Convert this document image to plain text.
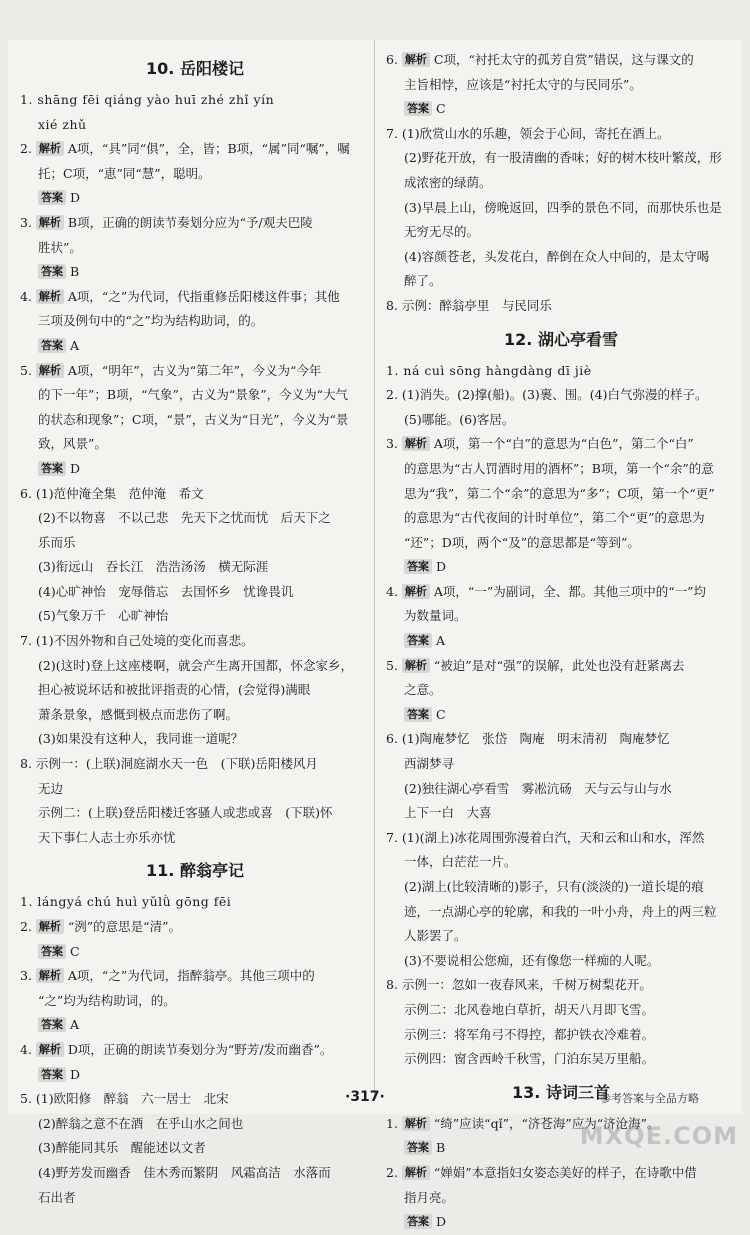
10. 岳阳楼记
1. shāng fēi qiáng yào huī zhé zhǐ yín
xié zhǔ
2. 解析 A项，“具”同“俱”，全，皆；B项，“属”同“嘱”，嘱
托；C项，“恵”同“慧”，聪明。
答案 D
3. 解析 B项，正确的朗读节奏划分应为“予/观夫巴陵
胜状”。
答案 B
4. 解析 A项，“之”为代词，代指重修岳阳楼这件事；其他
三项及例句中的“之”均为结构助词，的。
答案 A
5. 解析 A项，“明年”，古义为“第二年”，今义为“今年
的下一年”；B项，“气象”，古义为“景象”，今义为“大气
的状态和现象”；C项，“景”，古义为“日光”，今义为“景
致，风景”。
答案 D
6. (1)范仲淹全集　范仲淹　希文
(2)不以物喜　不以己悲　先天下之忧而忧　后天下之
乐而乐
(3)衔远山　吞长江　浩浩汤汤　横无际涯
(4)心旷神怡　宠辱偕忘　去国怀乡　忧谗畏讥
(5)气象万千　心旷神怡
7. (1)不因外物和自己处境的变化而喜悲。
(2)(这时)登上这座楼啊，就会产生离开国都，怀念家乡，
担心被说坏话和被批评指责的心情，(会觉得)满眼
萧条景象，感慨到极点而悲伤了啊。
(3)如果没有这种人，我同谁一道呢？
8. 示例一：(上联)洞庭湖水天一色　(下联)岳阳楼风月
无边
示例二：(上联)登岳阳楼迁客骚人或悲或喜　(下联)怀
天下事仁人志士亦乐亦忧
11. 醉翁亭记
1. lángyá chú huì yǔlǜ gōng fēi
2. 解析 “洌”的意思是“清”。
答案 C
3. 解析 A项，“之”为代词，指醉翁亭。其他三项中的
“之”均为结构助词，的。
答案 A
4. 解析 D项，正确的朗读节奏划分为“野芳/发而幽香”。
答案 D
5. (1)欧阳修　醉翁　六一居士　北宋
(2)醉翁之意不在酒　在乎山水之间也
(3)醉能同其乐　醒能述以文者
(4)野芳发而幽香　佳木秀而繁阴　风霜高洁　水落而
石出者
6. 解析 C项，“衬托太守的孤芳自赏”错误，这与课文的
主旨相悖，应该是“衬托太守的与民同乐”。
答案 C
7. (1)欣赏山水的乐趣，领会于心间，寄托在酒上。
(2)野花开放，有一股清幽的香味；好的树木枝叶繁茂，形
成浓密的绿荫。
(3)早晨上山，傍晚返回，四季的景色不同，而那快乐也是
无穷无尽的。
(4)容颜苍老，头发花白，醉倒在众人中间的，是太守喝
醉了。
8. 示例：醉翁亭里　与民同乐
12. 湖心亭看雪
1. ná cuì sōng hàngdàng dī jiè
2. (1)消失。(2)撑(船)。(3)裹、围。(4)白气弥漫的样子。
(5)哪能。(6)客居。
3. 解析 A项，第一个“白”的意思为“白色”，第二个“白”
的意思为“古人罚酒时用的酒杯”；B项，第一个“余”的意
思为“我”，第二个“余”的意思为“多”；C项，第一个“更”
的意思为“古代夜间的计时单位”，第二个“更”的意思为
“还”；D项，两个“及”的意思都是“等到”。
答案 D
4. 解析 A项，“一”为副词，全、都。其他三项中的“一”均
为数量词。
答案 A
5. 解析 “被迫”是对“强”的误解，此处也没有赶紧离去
之意。
答案 C
6. (1)陶庵梦忆　张岱　陶庵　明末清初　陶庵梦忆
西湖梦寻
(2)独往湖心亭看雪　雾凇沆砀　天与云与山与水
上下一白　大喜
7. (1)(湖上)冰花周围弥漫着白汽，天和云和山和水，浑然
一体，白茫茫一片。
(2)湖上(比较清晰的)影子，只有(淡淡的)一道长堤的痕
迹，一点湖心亭的轮廓，和我的一叶小舟，舟上的两三粒
人影罢了。
(3)不要说相公您痴，还有像您一样痴的人呢。
8. 示例一：忽如一夜春风来，千树万树梨花开。
示例二：北风卷地白草折，胡天八月即飞雪。
示例三：将军角弓不得控，都护铁衣冷难着。
示例四：窗含西岭千秋雪，门泊东吴万里船。
13. 诗词三首
1. 解析 “绮”应读“qǐ”，“济苍海”应为“济沧海”。
答案 B
2. 解析 “婵娟”本意指妇女姿态美好的样子，在诗歌中借
指月亮。
答案 D
·317·	参考答案与全品方略
MXQE.COM
